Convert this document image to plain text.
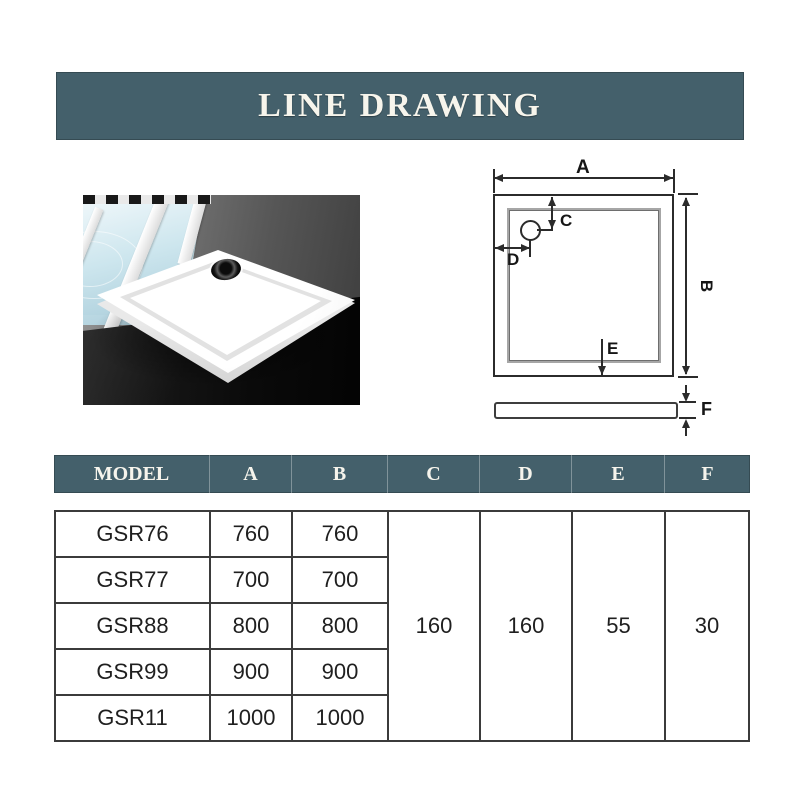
LINE DRAWING
A
C
D
B
E
F
MODEL	A	B	C	D	E	F
GSR76	760	760	160	160	55	30
GSR77	700	700				
GSR88	800	800				
GSR99	900	900				
GSR11	1000	1000				
